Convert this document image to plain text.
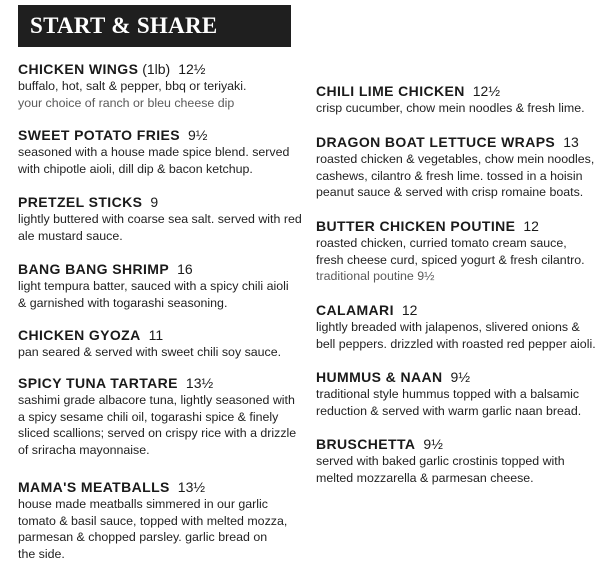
START & SHARE
CHICKEN WINGS (1lb) 12½
buffalo, hot, salt & pepper, bbq or teriyaki.
your choice of ranch or bleu cheese dip
SWEET POTATO FRIES 9½
seasoned with a house made spice blend. served
with chipotle aioli, dill dip & bacon ketchup.
PRETZEL STICKS 9
lightly buttered with coarse sea salt. served with red
ale mustard sauce.
BANG BANG SHRIMP 16
light tempura batter, sauced with a spicy chili aioli
& garnished with togarashi seasoning.
CHICKEN GYOZA 11
pan seared & served with sweet chili soy sauce.
SPICY TUNA TARTARE 13½
sashimi grade albacore tuna, lightly seasoned with
a spicy sesame chili oil, togarashi spice & finely
sliced scallions; served on crispy rice with a drizzle
of sriracha mayonnaise.
MAMA'S MEATBALLS 13½
house made meatballs simmered in our garlic
tomato & basil sauce, topped with melted mozza,
parmesan & chopped parsley. garlic bread on
the side.
CHILI LIME CHICKEN 12½
crisp cucumber, chow mein noodles & fresh lime.
DRAGON BOAT LETTUCE WRAPS 13
roasted chicken & vegetables, chow mein noodles,
cashews, cilantro & fresh lime. tossed in a hoisin
peanut sauce & served with crisp romaine boats.
BUTTER CHICKEN POUTINE 12
roasted chicken, curried tomato cream sauce,
fresh cheese curd, spiced yogurt & fresh cilantro.
traditional poutine 9½
CALAMARI 12
lightly breaded with jalapenos, slivered onions &
bell peppers. drizzled with roasted red pepper aioli.
HUMMUS & NAAN 9½
traditional style hummus topped with a balsamic
reduction & served with warm garlic naan bread.
BRUSCHETTA 9½
served with baked garlic crostinis topped with
melted mozzarella & parmesan cheese.
